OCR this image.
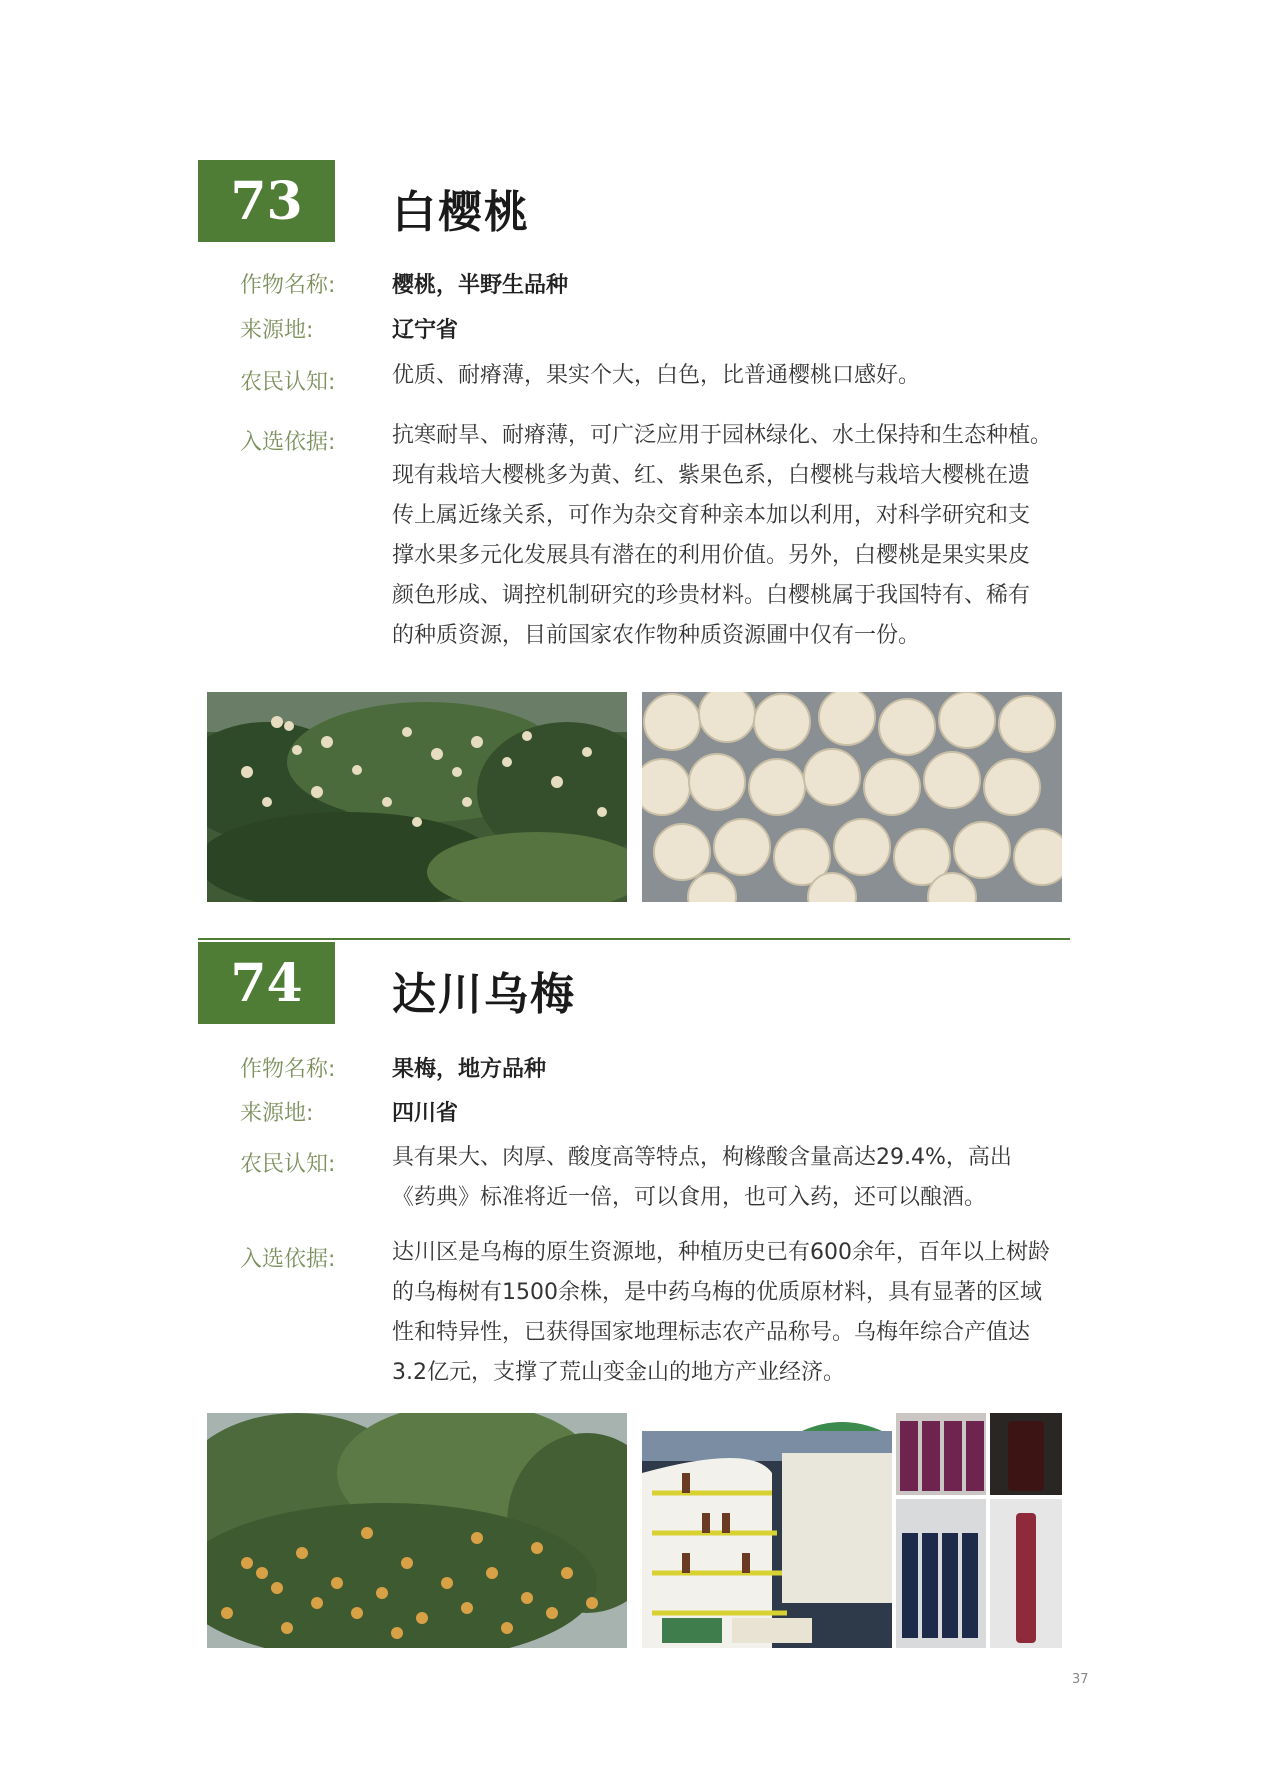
73 白樱桃
作物名称:	樱桃，半野生品种
来源地:	辽宁省
农民认知:	优质、耐瘠薄，果实个大，白色，比普通樱桃口感好。
入选依据:	抗寒耐旱、耐瘠薄，可广泛应用于园林绿化、水土保持和生态种植。
现有栽培大樱桃多为黄、红、紫果色系，白樱桃与栽培大樱桃在遗
传上属近缘关系，可作为杂交育种亲本加以利用，对科学研究和支
撑水果多元化发展具有潜在的利用价值。另外，白樱桃是果实果皮
颜色形成、调控机制研究的珍贵材料。白樱桃属于我国特有、稀有
的种质资源，目前国家农作物种质资源圃中仅有一份。
74 达川乌梅
作物名称:	果梅，地方品种
来源地:	四川省
农民认知:	具有果大、肉厚、酸度高等特点，枸橼酸含量高达29.4%，高出
《药典》标准将近一倍，可以食用，也可入药，还可以酿酒。
入选依据:	达川区是乌梅的原生资源地，种植历史已有600余年，百年以上树龄
的乌梅树有1500余株，是中药乌梅的优质原材料，具有显著的区域
性和特异性，已获得国家地理标志农产品称号。乌梅年综合产值达
3.2亿元，支撑了荒山变金山的地方产业经济。
37
